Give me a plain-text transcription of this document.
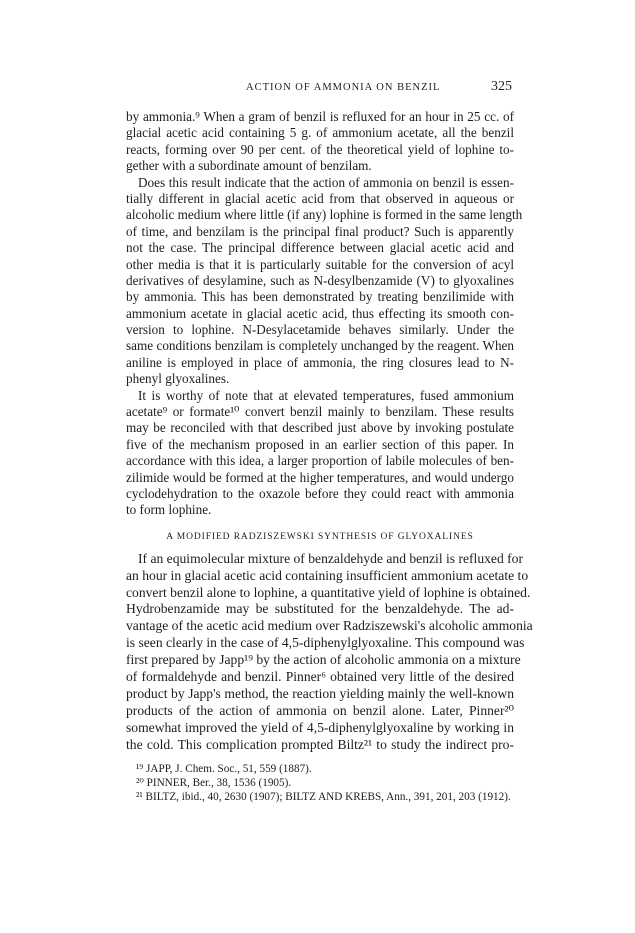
ACTION OF AMMONIA ON BENZIL	325
by ammonia.⁹ When a gram of benzil is refluxed for an hour in 25 cc. of
glacial acetic acid containing 5 g. of ammonium acetate, all the benzil
reacts, forming over 90 per cent. of the theoretical yield of lophine to-
gether with a subordinate amount of benzilam.
Does this result indicate that the action of ammonia on benzil is essen-
tially different in glacial acetic acid from that observed in aqueous or
alcoholic medium where little (if any) lophine is formed in the same length
of time, and benzilam is the principal final product? Such is apparently
not the case. The principal difference between glacial acetic acid and
other media is that it is particularly suitable for the conversion of acyl
derivatives of desylamine, such as N-desylbenzamide (V) to glyoxalines
by ammonia. This has been demonstrated by treating benzilimide with
ammonium acetate in glacial acetic acid, thus effecting its smooth con-
version to lophine. N-Desylacetamide behaves similarly. Under the
same conditions benzilam is completely unchanged by the reagent. When
aniline is employed in place of ammonia, the ring closures lead to N-
phenyl glyoxalines.
It is worthy of note that at elevated temperatures, fused ammonium
acetate⁹ or formate¹⁰ convert benzil mainly to benzilam. These results
may be reconciled with that described just above by invoking postulate
five of the mechanism proposed in an earlier section of this paper. In
accordance with this idea, a larger proportion of labile molecules of ben-
zilimide would be formed at the higher temperatures, and would undergo
cyclodehydration to the oxazole before they could react with ammonia
to form lophine.
A MODIFIED RADZISZEWSKI SYNTHESIS OF GLYOXALINES
If an equimolecular mixture of benzaldehyde and benzil is refluxed for
an hour in glacial acetic acid containing insufficient ammonium acetate to
convert benzil alone to lophine, a quantitative yield of lophine is obtained.
Hydrobenzamide may be substituted for the benzaldehyde. The ad-
vantage of the acetic acid medium over Radziszewski's alcoholic ammonia
is seen clearly in the case of 4,5-diphenylglyoxaline. This compound was
first prepared by Japp¹⁹ by the action of alcoholic ammonia on a mixture
of formaldehyde and benzil. Pinner⁶ obtained very little of the desired
product by Japp's method, the reaction yielding mainly the well-known
products of the action of ammonia on benzil alone. Later, Pinner²⁰
somewhat improved the yield of 4,5-diphenylglyoxaline by working in
the cold. This complication prompted Biltz²¹ to study the indirect pro-
¹⁹ JAPP, J. Chem. Soc., 51, 559 (1887).
²⁰ PINNER, Ber., 38, 1536 (1905).
²¹ BILTZ, ibid., 40, 2630 (1907); BILTZ AND KREBS, Ann., 391, 201, 203 (1912).
